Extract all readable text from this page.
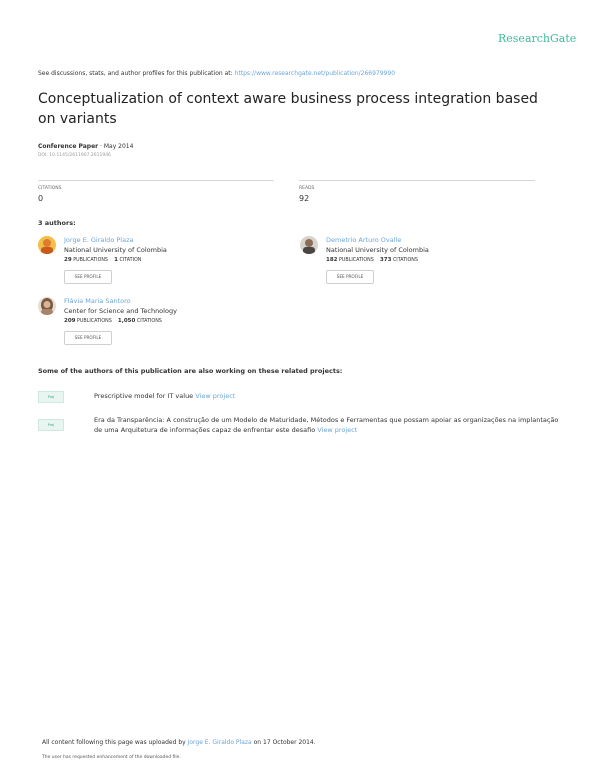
ResearchGate
See discussions, stats, and author profiles for this publication at: https://www.researchgate.net/publication/266979990
Conceptualization of context aware business process integration based on variants
Conference Paper · May 2014
DOI: 10.1145/2611907.2611946
CITATIONS
0
READS
92
3 authors:
Jorge E. Giraldo Plaza
National University of Colombia
29 PUBLICATIONS 1 CITATION
SEE PROFILE
Demetrio Arturo Ovalle
National University of Colombia
182 PUBLICATIONS 373 CITATIONS
SEE PROFILE
Flávia Maria Santoro
Center for Science and Technology
209 PUBLICATIONS 1,050 CITATIONS
SEE PROFILE
Some of the authors of this publication are also working on these related projects:
Proj	Prescriptive model for IT value View project
Proj
Era da Transparência: A construção de um Modelo de Maturidade, Métodos e Ferramentas que possam apoiar as organizações na implantação de uma Arquitetura de informações capaz de enfrentar este desafio View project
All content following this page was uploaded by Jorge E. Giraldo Plaza on 17 October 2014.
The user has requested enhancement of the downloaded file.
